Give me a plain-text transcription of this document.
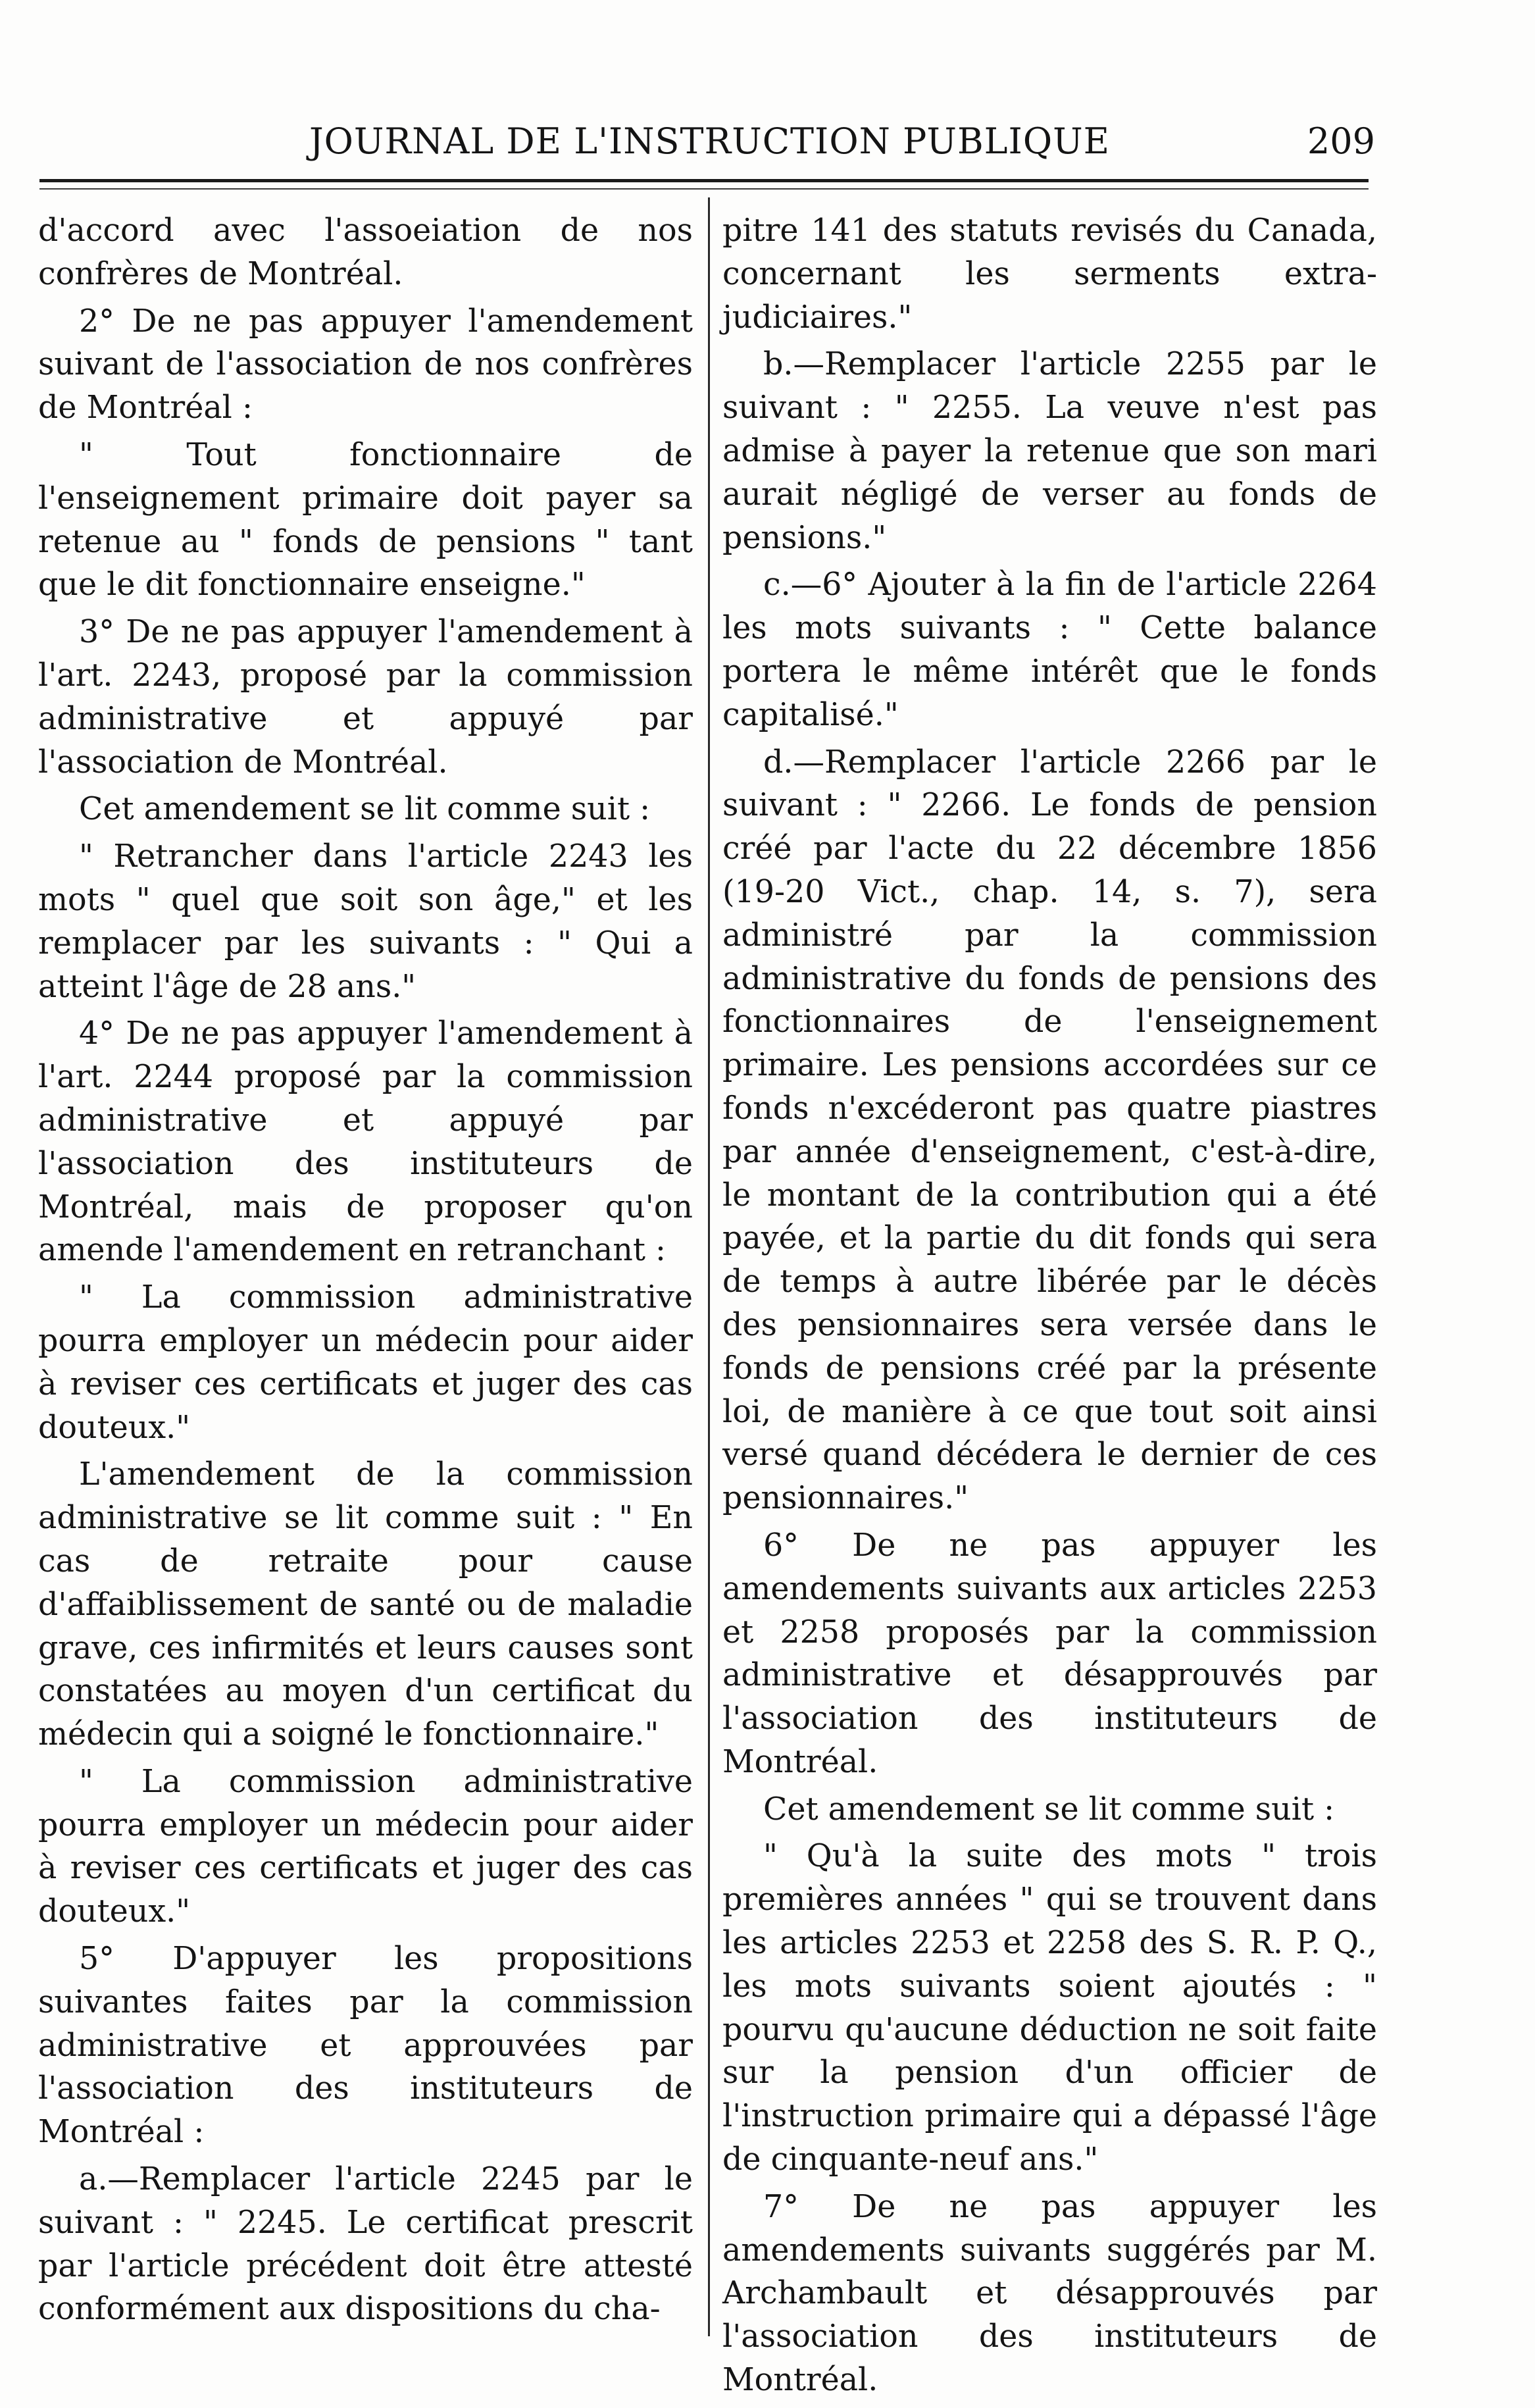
JOURNAL DE L'INSTRUCTION PUBLIQUE	209

d'accord avec l'assoeiation de nos confrères de Montréal.

2° De ne pas appuyer l'amendement suivant de l'association de nos confrères de Montréal :

" Tout fonctionnaire de l'enseignement primaire doit payer sa retenue au " fonds de pensions " tant que le dit fonctionnaire enseigne."

3° De ne pas appuyer l'amendement à l'art. 2243, proposé par la commission administrative et appuyé par l'association de Montréal.

Cet amendement se lit comme suit :

" Retrancher dans l'article 2243 les mots " quel que soit son âge," et les remplacer par les suivants : " Qui a atteint l'âge de 28 ans."

4° De ne pas appuyer l'amendement à l'art. 2244 proposé par la commission administrative et appuyé par l'association des instituteurs de Montréal, mais de proposer qu'on amende l'amendement en retranchant :

" La commission administrative pourra employer un médecin pour aider à reviser ces certificats et juger des cas douteux."

L'amendement de la commission administrative se lit comme suit : " En cas de retraite pour cause d'affaiblissement de santé ou de maladie grave, ces infirmités et leurs causes sont constatées au moyen d'un certificat du médecin qui a soigné le fonctionnaire."

" La commission administrative pourra employer un médecin pour aider à reviser ces certificats et juger des cas douteux."

5° D'appuyer les propositions suivantes faites par la commission administrative et approuvées par l'association des instituteurs de Montréal :

a.—Remplacer l'article 2245 par le suivant : " 2245. Le certificat prescrit par l'article précédent doit être attesté conformément aux dispositions du cha-

pitre 141 des statuts revisés du Canada, concernant les serments extra-judiciaires."

b.—Remplacer l'article 2255 par le suivant : " 2255. La veuve n'est pas admise à payer la retenue que son mari aurait négligé de verser au fonds de pensions."

c.—6° Ajouter à la fin de l'article 2264 les mots suivants : " Cette balance portera le même intérêt que le fonds capitalisé."

d.—Remplacer l'article 2266 par le suivant : " 2266. Le fonds de pension créé par l'acte du 22 décembre 1856 (19-20 Vict., chap. 14, s. 7), sera administré par la commission administrative du fonds de pensions des fonctionnaires de l'enseignement primaire. Les pensions accordées sur ce fonds n'excéderont pas quatre piastres par année d'enseignement, c'est-à-dire, le montant de la contribution qui a été payée, et la partie du dit fonds qui sera de temps à autre libérée par le décès des pensionnaires sera versée dans le fonds de pensions créé par la présente loi, de manière à ce que tout soit ainsi versé quand décédera le dernier de ces pensionnaires."

6° De ne pas appuyer les amendements suivants aux articles 2253 et 2258 proposés par la commission administrative et désapprouvés par l'association des instituteurs de Montréal.

Cet amendement se lit comme suit :

" Qu'à la suite des mots " trois premières années " qui se trouvent dans les articles 2253 et 2258 des S. R. P. Q., les mots suivants soient ajoutés : " pourvu qu'aucune déduction ne soit faite sur la pension d'un officier de l'instruction primaire qui a dépassé l'âge de cinquante-neuf ans."

7° De ne pas appuyer les amendements suivants suggérés par M. Archambault et désapprouvés par l'association des instituteurs de Montréal.
